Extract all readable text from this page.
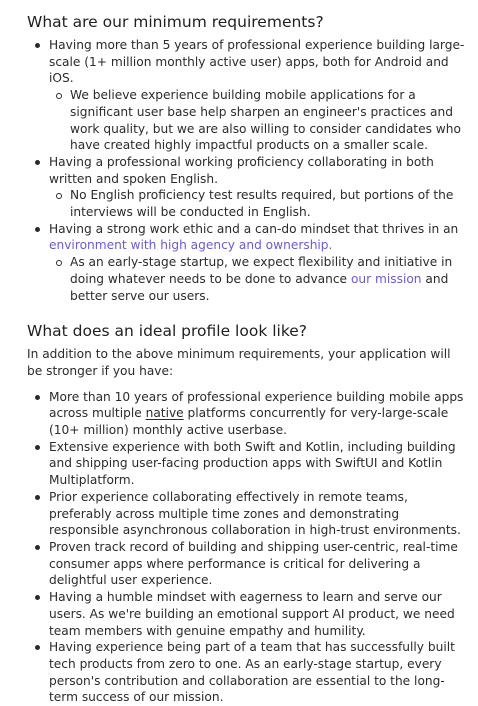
What are our minimum requirements?
Having more than 5 years of professional experience building large-scale (1+ million monthly active user) apps, both for Android and iOS.
We believe experience building mobile applications for a significant user base help sharpen an engineer's practices and work quality, but we are also willing to consider candidates who have created highly impactful products on a smaller scale.
Having a professional working proficiency collaborating in both written and spoken English.
No English proficiency test results required, but portions of the interviews will be conducted in English.
Having a strong work ethic and a can-do mindset that thrives in an environment with high agency and ownership.
As an early-stage startup, we expect flexibility and initiative in doing whatever needs to be done to advance our mission and better serve our users.
What does an ideal profile look like?

In addition to the above minimum requirements, your application will be stronger if you have:

More than 10 years of professional experience building mobile apps across multiple native platforms concurrently for very-large-scale (10+ million) monthly active userbase.
Extensive experience with both Swift and Kotlin, including building and shipping user-facing production apps with SwiftUI and Kotlin Multiplatform.
Prior experience collaborating effectively in remote teams, preferably across multiple time zones and demonstrating responsible asynchronous collaboration in high-trust environments.
Proven track record of building and shipping user-centric, real-time consumer apps where performance is critical for delivering a delightful user experience.
Having a humble mindset with eagerness to learn and serve our users. As we're building an emotional support AI product, we need team members with genuine empathy and humility.
Having experience being part of a team that has successfully built tech products from zero to one. As an early-stage startup, every person's contribution and collaboration are essential to the long-term success of our mission.
